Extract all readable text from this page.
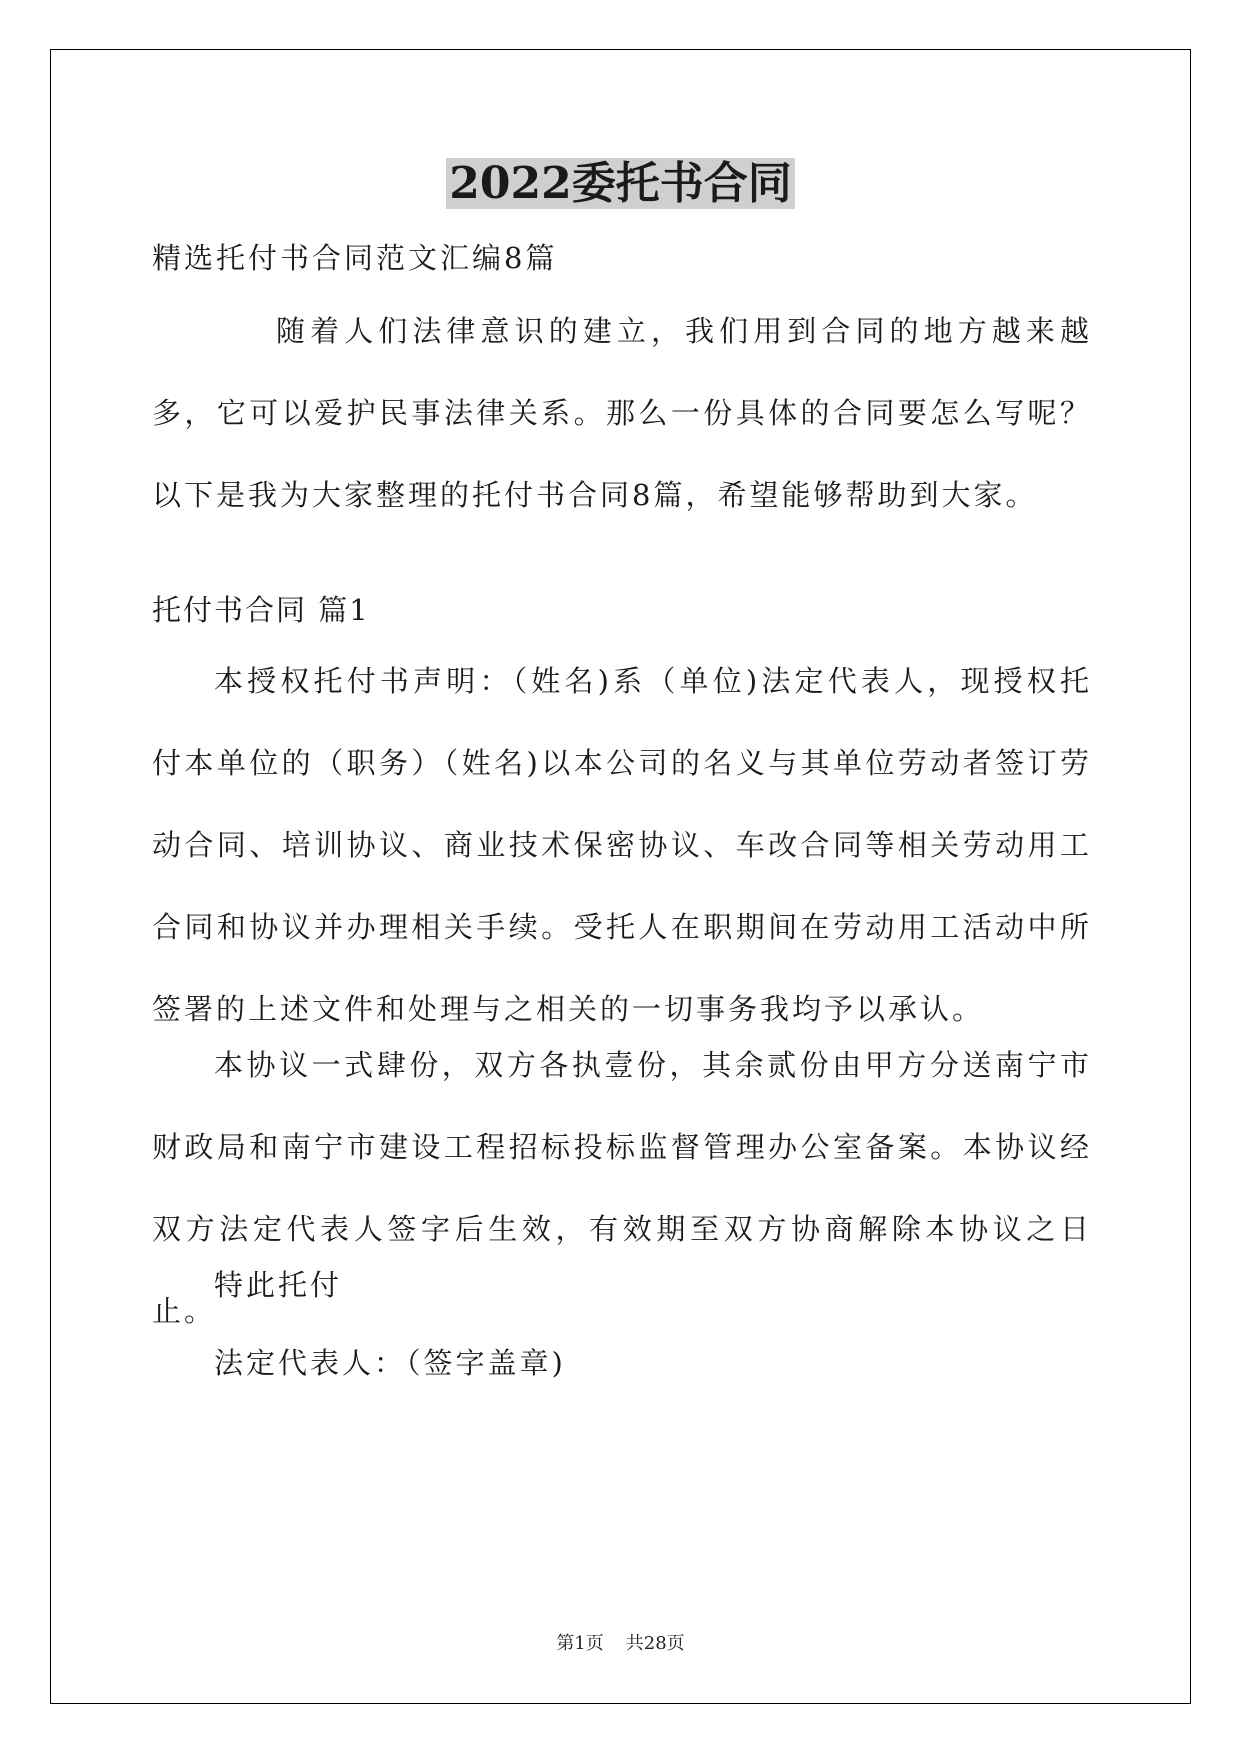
2022委托书合同

精选托付书合同范文汇编8篇

随着人们法律意识的建立，我们用到合同的地方越来越多，它可以爱护民事法律关系。那么一份具体的合同要怎么写呢？以下是我为大家整理的托付书合同8篇，希望能够帮助到大家。

托付书合同 篇1

本授权托付书声明：（姓名)系（单位)法定代表人，现授权托付本单位的（职务）（姓名)以本公司的名义与其单位劳动者签订劳动合同、培训协议、商业技术保密协议、车改合同等相关劳动用工合同和协议并办理相关手续。受托人在职期间在劳动用工活动中所签署的上述文件和处理与之相关的一切事务我均予以承认。

本协议一式肆份，双方各执壹份，其余贰份由甲方分送南宁市财政局和南宁市建设工程招标投标监督管理办公室备案。本协议经双方法定代表人签字后生效，有效期至双方协商解除本协议之日止。

特此托付

法定代表人：（签字盖章)

第1页 共28页
